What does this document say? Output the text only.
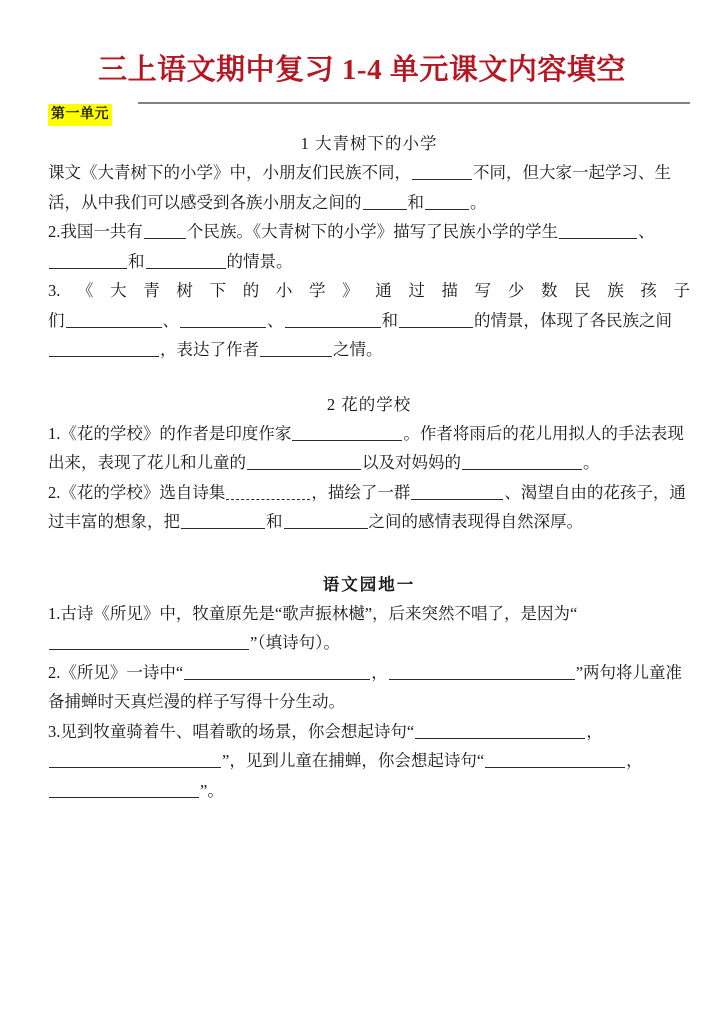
三上语文期中复习 1-4 单元课文内容填空
第一单元
1 大青树下的小学
课文《大青树下的小学》中，小朋友们民族不同，	不同，但大家一起学习、生活，从中我们可以感受到各族小朋友之间的	和	。
2.我国一共有	个民族。《大青树下的小学》描写了民族小学的学生	、和	的情景。
3.《大青树下的小学》通过描写少数民族孩子
们	、	、	和	的情景，体现了各民族之间，表达了作者	之情。
2 花的学校
1.《花的学校》的作者是印度作家	。作者将雨后的花儿用拟人的手法表现出来，表现了花儿和儿童的	以及对妈妈的	。
2.《花的学校》选自诗集	，描绘了一群	、渴望自由的花孩子，通过丰富的想象，把	和	之间的感情表现得自然深厚。
语文园地一
1.古诗《所见》中，牧童原先是“歌声振林樾”，后来突然不唱了，是因为“”（填诗句）。
2.《所见》一诗中“	，	”两句将儿童准备捕蝉时天真烂漫的样子写得十分生动。
3.见到牧童骑着牛、唱着歌的场景，你会想起诗句“	，”，见到儿童在捕蝉，你会想起诗句“	，”。
